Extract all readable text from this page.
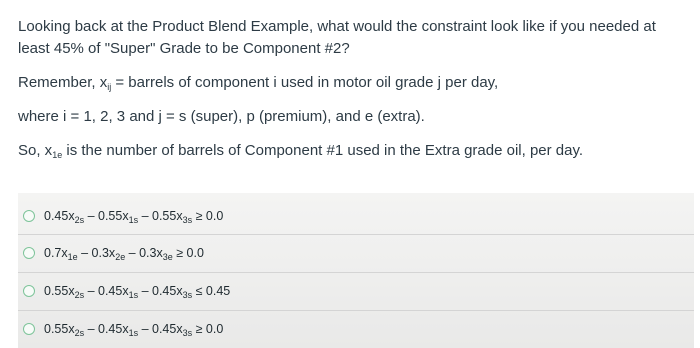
Looking back at the Product Blend Example, what would the constraint look like if you needed at

least 45% of "Super" Grade to be Component #2?

Remember, $x_{ij}$ = barrels of component i used in motor oil grade j per day,

where i = 1, 2, 3 and j = s (super), p (premium), and e (extra).

So, $x_{1e}$ is the number of barrels of Component #1 used in the Extra grade oil, per day.

$0.45x_{2s} - 0.55x_{1s} - 0.55x_{3s} \ge 0.0$
$0.7x_{1e} - 0.3x_{2e} - 0.3x_{3e} \ge 0.0$
$0.55x_{2s} - 0.45x_{1s} - 0.45x_{3s} \le 0.45$
$0.55x_{2s} - 0.45x_{1s} - 0.45x_{3s} \ge 0.0$
